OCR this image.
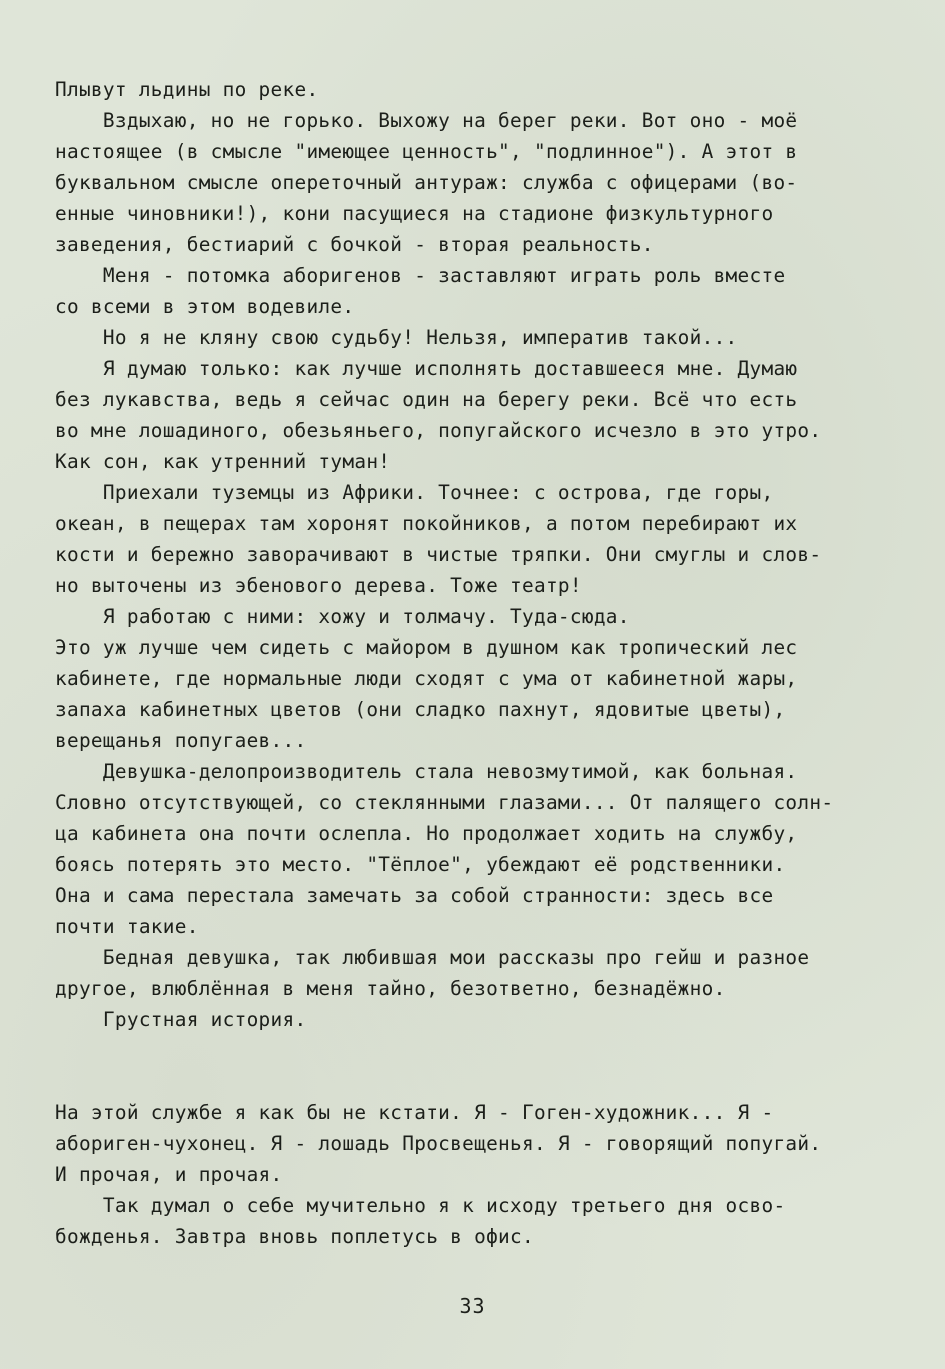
Плывут льдины по реке.
Вздыхаю, но не горько. Выхожу на берег реки. Вот оно - моё
настоящее (в смысле "имеющее ценность", "подлинное"). А этот в
буквальном смысле опереточный антураж: служба с офицерами (во-
енные чиновники!), кони пасущиеся на стадионе физкультурного
заведения, бестиарий с бочкой - вторая реальность.
Меня - потомка аборигенов - заставляют играть роль вместе
со всеми в этом водевиле.
Но я не кляну свою судьбу! Нельзя, императив такой...
Я думаю только: как лучше исполнять доставшееся мне. Думаю
без лукавства, ведь я сейчас один на берегу реки. Всё что есть
во мне лошадиного, обезьяньего, попугайского исчезло в это утро.
Как сон, как утренний туман!
Приехали туземцы из Африки. Точнее: с острова, где горы,
океан, в пещерах там хоронят покойников, а потом перебирают их
кости и бережно заворачивают в чистые тряпки. Они смуглы и слов-
но выточены из эбенового дерева. Тоже театр!
Я работаю с ними: хожу и толмачу. Туда-сюда.
Это уж лучше чем сидеть с майором в душном как тропический лес
кабинете, где нормальные люди сходят с ума от кабинетной жары,
запаха кабинетных цветов (они сладко пахнут, ядовитые цветы),
верещанья попугаев...
Девушка-делопроизводитель стала невозмутимой, как больная.
Словно отсутствующей, со стеклянными глазами... От палящего солн-
ца кабинета она почти ослепла. Но продолжает ходить на службу,
боясь потерять это место. "Тёплое", убеждают её родственники.
Она и сама перестала замечать за собой странности: здесь все
почти такие.
Бедная девушка, так любившая мои рассказы про гейш и разное
другое, влюблённая в меня тайно, безответно, безнадёжно.
Грустная история.
На этой службе я как бы не кстати. Я - Гоген-художник... Я -
абориген-чухонец. Я - лошадь Просвещенья. Я - говорящий попугай.
И прочая, и прочая.
Так думал о себе мучительно я к исходу третьего дня осво-
божденья. Завтра вновь поплетусь в офис.
33
